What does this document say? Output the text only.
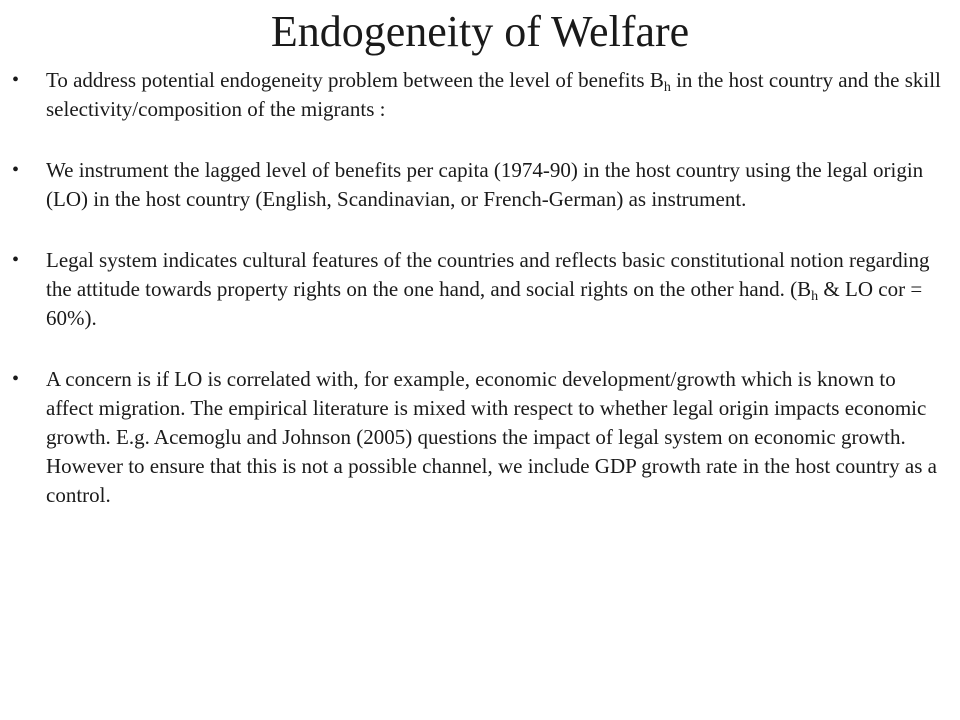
Endogeneity of Welfare
• To address potential endogeneity problem between the level of benefits $B_h$ in the host country and the skill selectivity/composition of the migrants :
• We instrument the lagged level of benefits per capita (1974-90) in the host country using the legal origin (LO) in the host country (English, Scandinavian, or French-German) as instrument.
• Legal system indicates cultural features of the countries and reflects basic constitutional notion regarding the attitude towards property rights on the one hand, and social rights on the other hand. ($B_h$ & LO cor = 60%).
• A concern is if LO is correlated with, for example, economic development/growth which is known to affect migration. The empirical literature is mixed with respect to whether legal origin impacts economic growth. E.g. Acemoglu and Johnson (2005) questions the impact of legal system on economic growth. However to ensure that this is not a possible channel, we include GDP growth rate in the host country as a control.
